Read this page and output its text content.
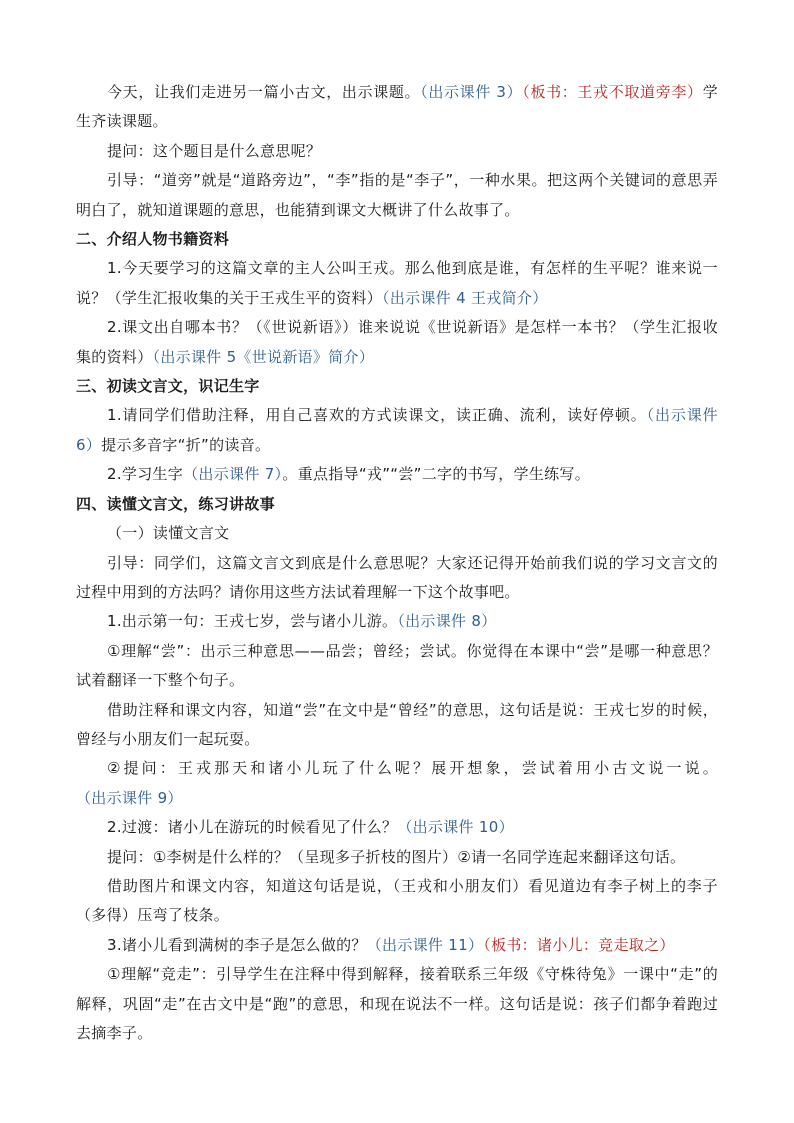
今天，让我们走进另一篇小古文，出示课题。（出示课件 3）（板书：王戎不取道旁李）学生齐读课题。

提问：这个题目是什么意思呢？

引导：“道旁”就是“道路旁边”，“李”指的是“李子”，一种水果。把这两个关键词的意思弄明白了，就知道课题的意思，也能猜到课文大概讲了什么故事了。

二、介绍人物书籍资料

1.今天要学习的这篇文章的主人公叫王戎。那么他到底是谁，有怎样的生平呢？谁来说一说？（学生汇报收集的关于王戎生平的资料）（出示课件 4 王戎简介）

2.课文出自哪本书？（《世说新语》）谁来说说《世说新语》是怎样一本书？（学生汇报收集的资料）（出示课件 5《世说新语》简介）

三、初读文言文，识记生字

1.请同学们借助注释，用自己喜欢的方式读课文，读正确、流利，读好停顿。（出示课件 6）提示多音字“折”的读音。

2.学习生字（出示课件 7）。重点指导“戎”“尝”二字的书写，学生练写。

四、读懂文言文，练习讲故事

（一）读懂文言文

引导：同学们，这篇文言文到底是什么意思呢？大家还记得开始前我们说的学习文言文的过程中用到的方法吗？请你用这些方法试着理解一下这个故事吧。

1.出示第一句：王戎七岁，尝与诸小儿游。（出示课件 8）

①理解“尝”：出示三种意思——品尝；曾经；尝试。你觉得在本课中“尝”是哪一种意思？试着翻译一下整个句子。

借助注释和课文内容，知道“尝”在文中是“曾经”的意思，这句话是说：王戎七岁的时候，曾经与小朋友们一起玩耍。

②提问：王戎那天和诸小儿玩了什么呢？展开想象，尝试着用小古文说一说。（出示课件 9）

2.过渡：诸小儿在游玩的时候看见了什么？（出示课件 10）

提问：①李树是什么样的？（呈现多子折枝的图片）②请一名同学连起来翻译这句话。

借助图片和课文内容，知道这句话是说，（王戎和小朋友们）看见道边有李子树上的李子（多得）压弯了枝条。

3.诸小儿看到满树的李子是怎么做的？（出示课件 11）（板书：诸小儿：竞走取之）

①理解“竞走”：引导学生在注释中得到解释，接着联系三年级《守株待兔》一课中“走”的解释，巩固“走”在古文中是“跑”的意思，和现在说法不一样。这句话是说：孩子们都争着跑过去摘李子。
